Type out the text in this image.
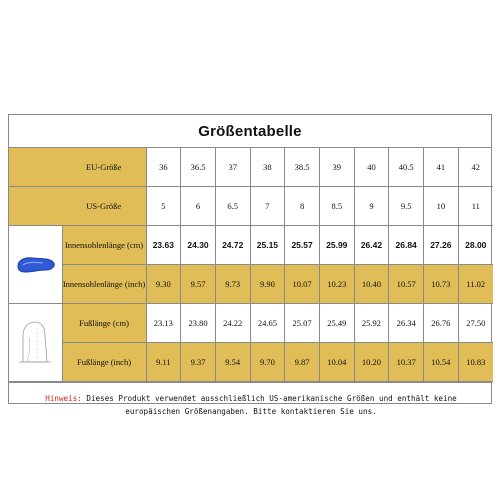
Größentabelle
	EU-Größe	36	36.5	37	38	38.5	39	40	40.5	41	42
	US-Größe	5	6	6.5	7	8	8.5	9	9.5	10	11
	Innensohlenlänge (cm)	23.63	24.30	24.72	25.15	25.57	25.99	26.42	26.84	27.26	28.00
	Innensohlenlänge (inch)	9.30	9.57	9.73	9.90	10.07	10.23	10.40	10.57	10.73	11.02
	Fußlänge (cm)	23.13	23.80	24.22	24.65	25.07	25.49	25.92	26.34	26.76	27.50
	Fußlänge (inch)	9.11	9.37	9.54	9.70	9.87	10.04	10.20	10.37	10.54	10.83
Hinweis: Dieses Produkt verwendet ausschließlich US-amerikanische Größen und enthält keine europäischen Größenangaben. Bitte kontaktieren Sie uns.
